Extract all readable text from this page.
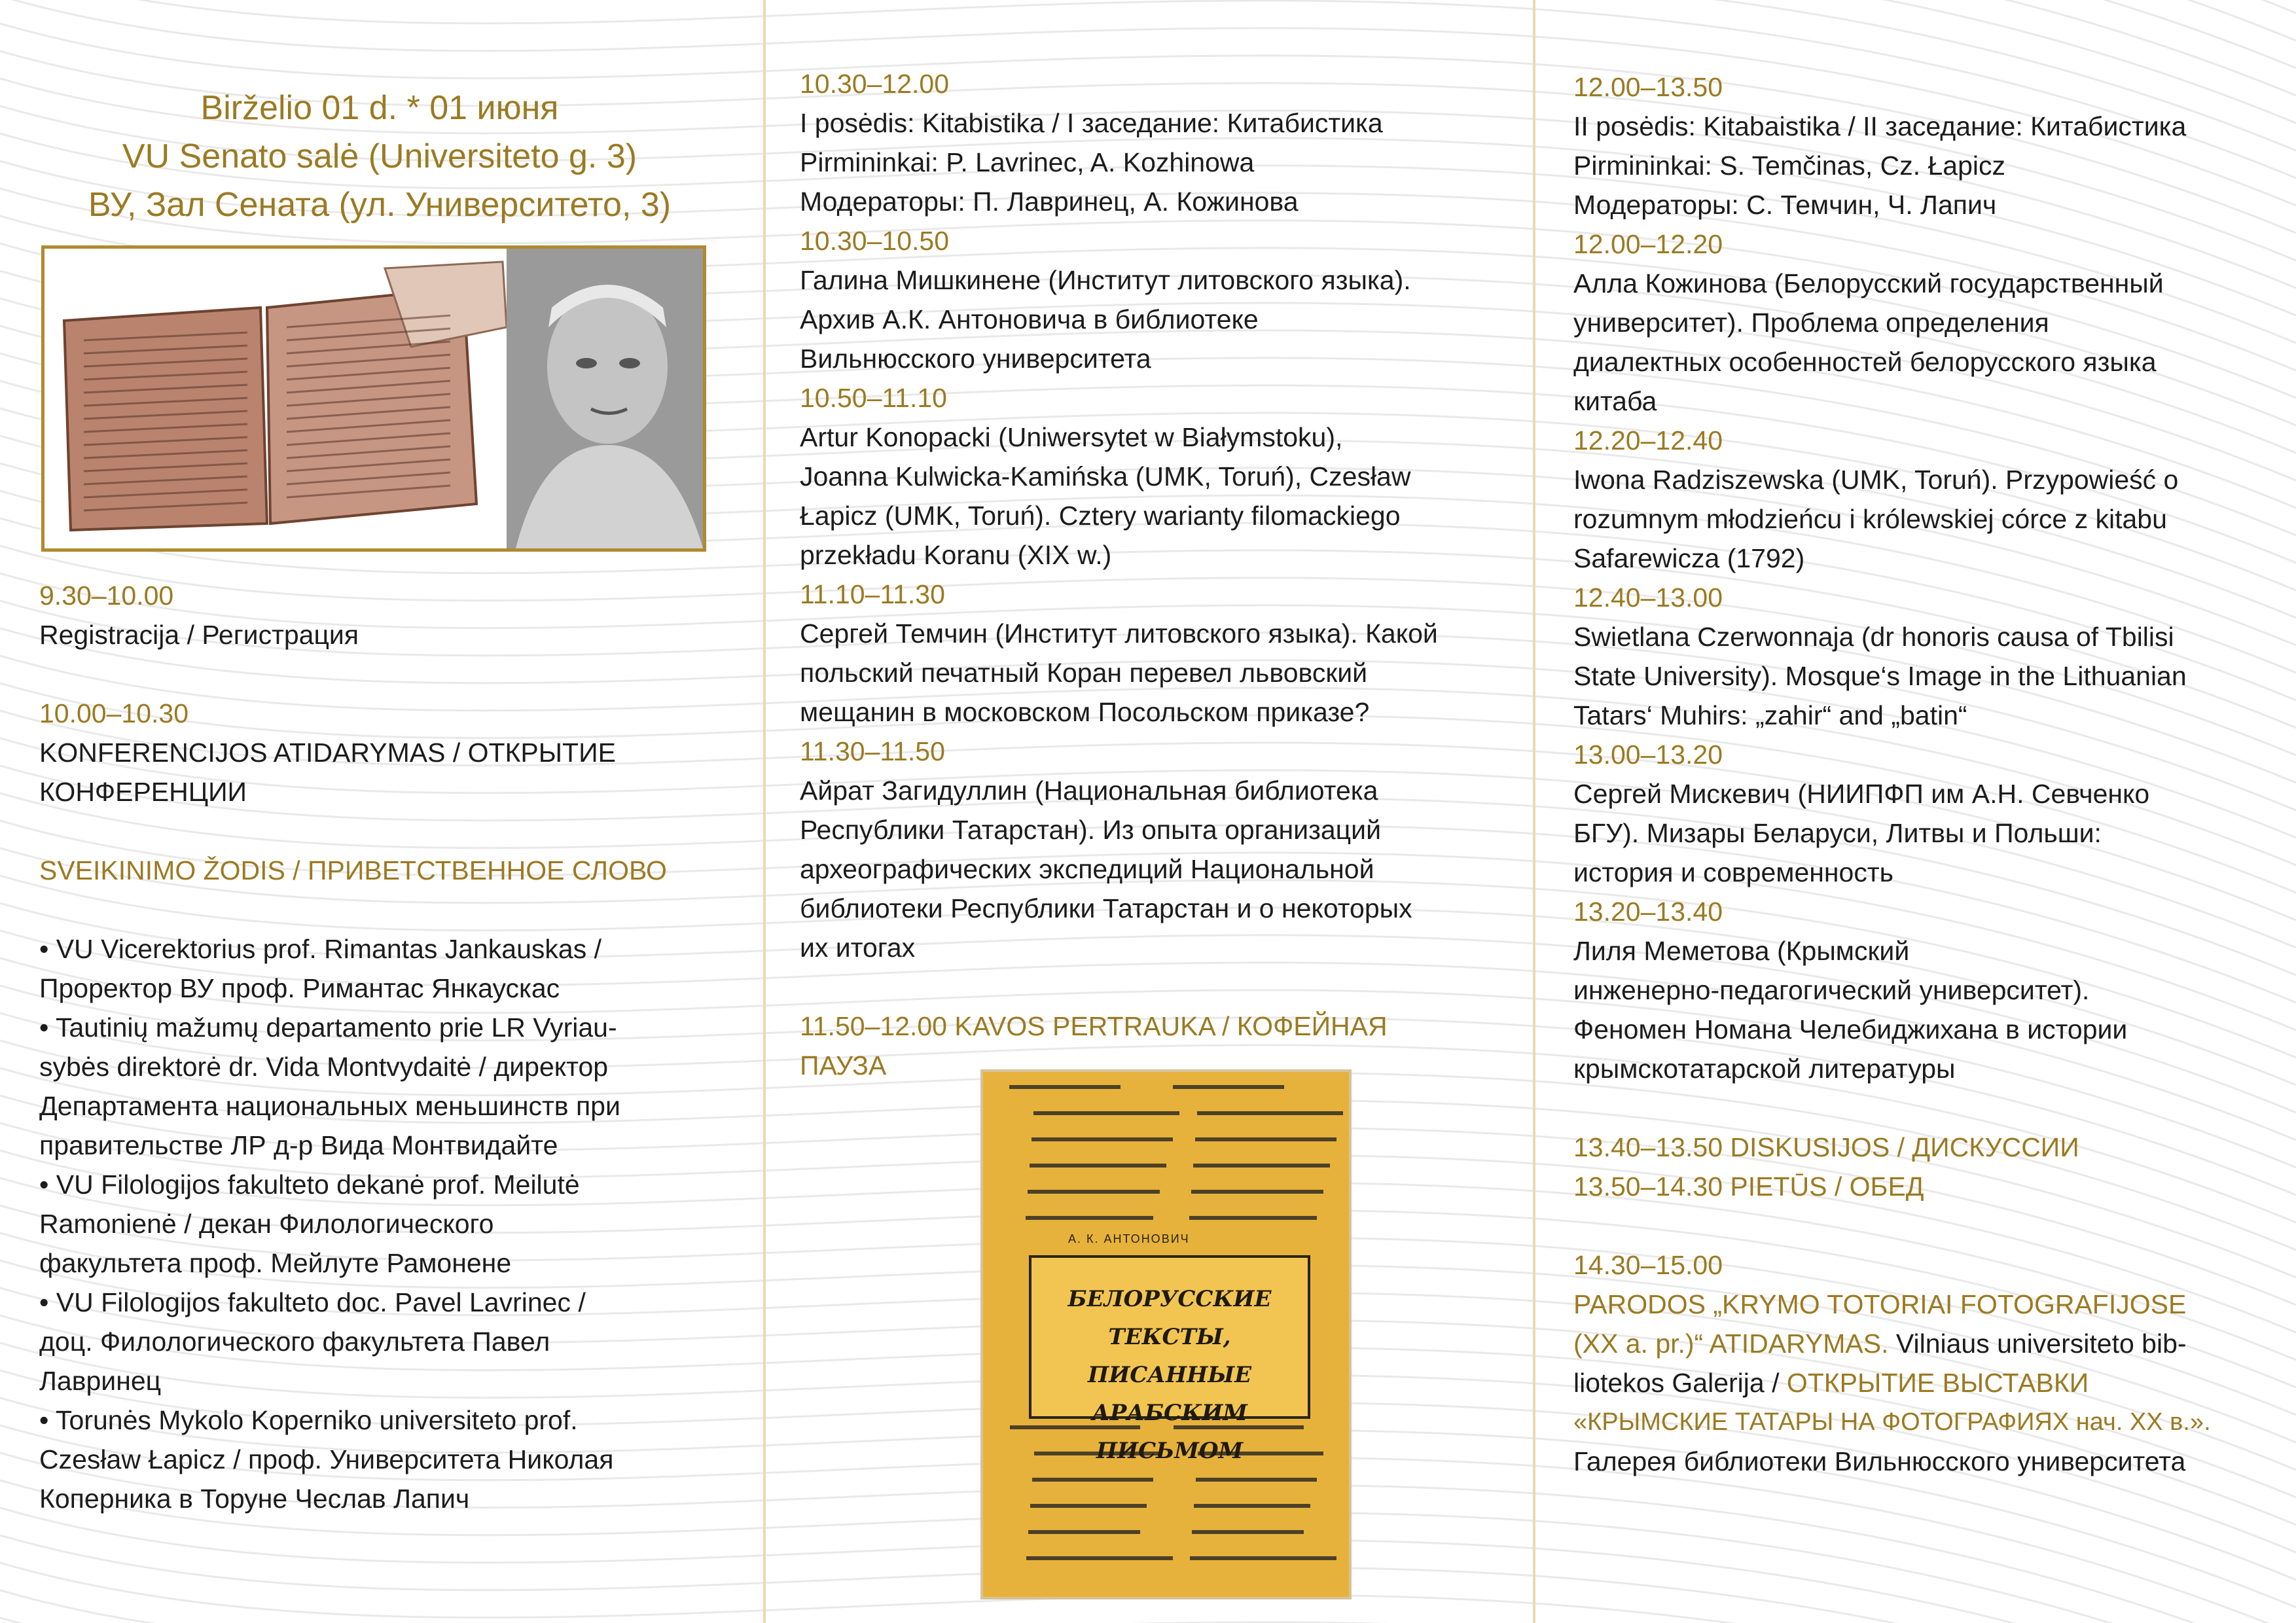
Birželio 01 d. * 01 июня
VU Senato salė (Universiteto g. 3)
ВУ, Зал Сената (ул. Университето, 3)
9.30–10.00
Registracija / Регистрация
10.00–10.30
KONFERENCIJOS ATIDARYMAS / ОТКРЫТИЕ
КОНФЕРЕНЦИИ
SVEIKINIMO ŽODIS / ПРИВЕТСТВЕННОЕ СЛОВО
• VU Vicerektorius prof. Rimantas Jankauskas /
Проректор ВУ проф. Римантас Янкаускас
• Tautinių mažumų departamento prie LR Vyriau-
sybės direktorė dr. Vida Montvydaitė / директор
Департамента национальных меньшинств при
правительстве ЛР д-р Вида Монтвидайте
• VU Filologijos fakulteto dekanė prof. Meilutė
Ramonienė / декан Филологического
факультета проф. Мейлуте Рамонене
• VU Filologijos fakulteto doc. Pavel Lavrinec /
доц. Филологического факультета Павел
Лавринец
• Torunės Mykolo Koperniko universiteto prof.
Czesław Łapicz / проф. Университета Николая
Коперника в Торуне Чеслав Лапич
10.30–12.00
I posėdis: Kitabistika / I заседание: Китабистика
Pirmininkai: P. Lavrinec, A. Kozhinowa
Модераторы: П. Лавринец, А. Кожинова
10.30–10.50
Галина Мишкинене (Институт литовского языка).
Архив А.К. Антоновича в библиотеке
Вильнюсского университета
10.50–11.10
Artur Konopacki (Uniwersytet w Białymstoku),
Joanna Kulwicka-Kamińska (UMK, Toruń), Czesław
Łapicz (UMK, Toruń). Cztery warianty filomackiego
przekładu Koranu (XIX w.)
11.10–11.30
Сергей Темчин (Институт литовского языка). Какой
польский печатный Коран перевел львовский
мещанин в московском Посольском приказе?
11.30–11.50
Айрат Загидуллин (Национальная библиотека
Республики Татарстан). Из опыта организаций
археографических экспедиций Национальной
библиотеки Республики Татарстан и о некоторых
их итогах
11.50–12.00 KAVOS PERTRAUKA / КОФЕЙНАЯ
ПАУЗА
А. К. АНТОНОВИЧ
БЕЛОРУССКИЕ ТЕКСТЫ,
ПИСАННЫЕ АРАБСКИМ
ПИСЬМОМ
12.00–13.50
II posėdis: Kitabaistika / II заседание: Китабистика
Pirmininkai: S. Temčinas, Cz. Łapicz
Модераторы: С. Темчин, Ч. Лапич
12.00–12.20
Алла Кожинова (Белорусский государственный
университет). Проблема определения
диалектных особенностей белорусского языка
китаба
12.20–12.40
Iwona Radziszewska (UMK, Toruń). Przypowieść o
rozumnym młodzieńcu i królewskiej córce z kitabu
Safarewicza (1792)
12.40–13.00
Swietlana Czerwonnaja (dr honoris causa of Tbilisi
State University). Mosque‘s Image in the Lithuanian
Tatars‘ Muhirs: „zahir“ and „batin“
13.00–13.20
Сергей Мискевич (НИИПФП им А.Н. Севченко
БГУ). Мизары Беларуси, Литвы и Польши:
история и современность
13.20–13.40
Лиля Меметова (Крымский
инженерно-педагогический университет).
Феномен Номана Челебиджихана в истории
крымскотатарской литературы
13.40–13.50 DISKUSIJOS / ДИСКУССИИ
13.50–14.30 PIETŪS / ОБЕД
14.30–15.00
PARODOS „KRYMO TOTORIAI FOTOGRAFIJOSE
(XX a. pr.)“ ATIDARYMAS. Vilniaus universiteto bib-
liotekos Galerija / ОТКРЫТИЕ ВЫСТАВКИ
«КРЫМСКИЕ ТАТАРЫ НА ФОТОГРАФИЯХ нач. XX в.».
Галерея библиотеки Вильнюсского университета
